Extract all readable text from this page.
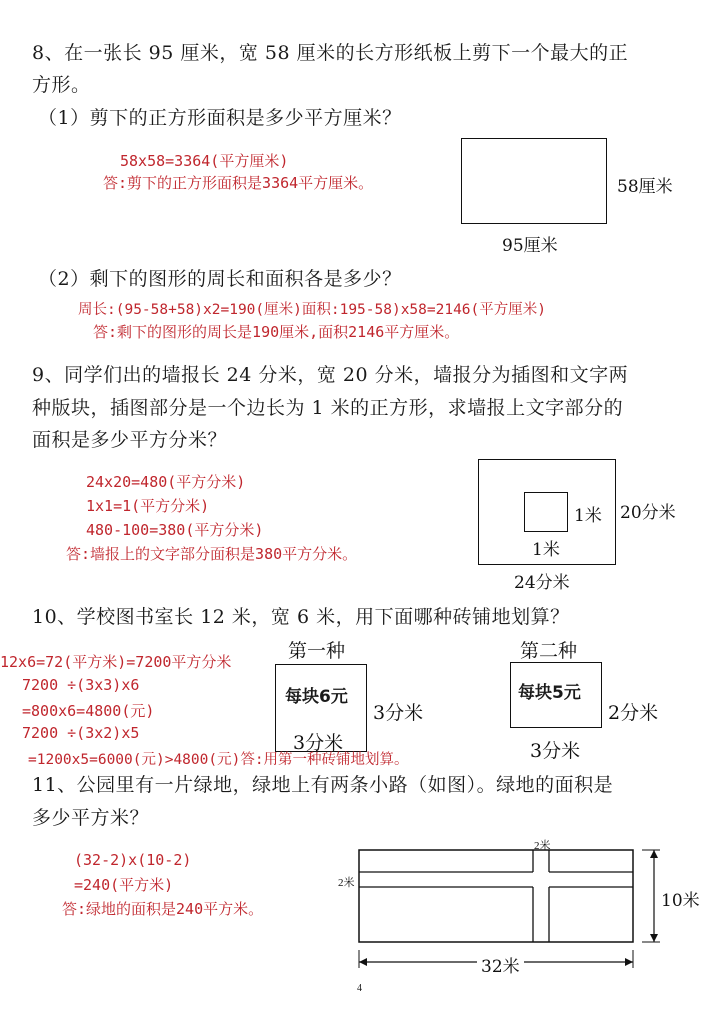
8、在一张长 95 厘米，宽 58 厘米的长方形纸板上剪下一个最大的正
方形。
（1）剪下的正方形面积是多少平方厘米？
58x58=3364(平方厘米)
答:剪下的正方形面积是3364平方厘米。	58厘米
95厘米
（2）剩下的图形的周长和面积各是多少？
周长:(95-58+58)x2=190(厘米)面积:195-58)x58=2146(平方厘米)
答:剩下的图形的周长是190厘米,面积2146平方厘米。
9、同学们出的墙报长 24 分米，宽 20 分米，墙报分为插图和文字两
种版块，插图部分是一个边长为 1 米的正方形，求墙报上文字部分的
面积是多少平方分米？
24x20=480(平方分米)
1x1=1(平方分米)
480-100=380(平方分米)
答:墙报上的文字部分面积是380平方分米。
1米
1米
20分米
24分米
10、学校图书室长 12 米，宽 6 米，用下面哪种砖铺地划算？
第一种	第二种
每块6元
3分米
3分米
每块5元
2分米
3分米
12x6=72(平方米)=7200平方分米
7200 ÷(3x3)x6
=800x6=4800(元)
7200 ÷(3x2)x5
=1200x5=6000(元)>4800(元)答:用第一种砖铺地划算。
11、公园里有一片绿地，绿地上有两条小路（如图）。绿地的面积是
多少平方米？
(32-2)x(10-2)
=240(平方米)
答:绿地的面积是240平方米。
2米
2米
10米
32米
4
